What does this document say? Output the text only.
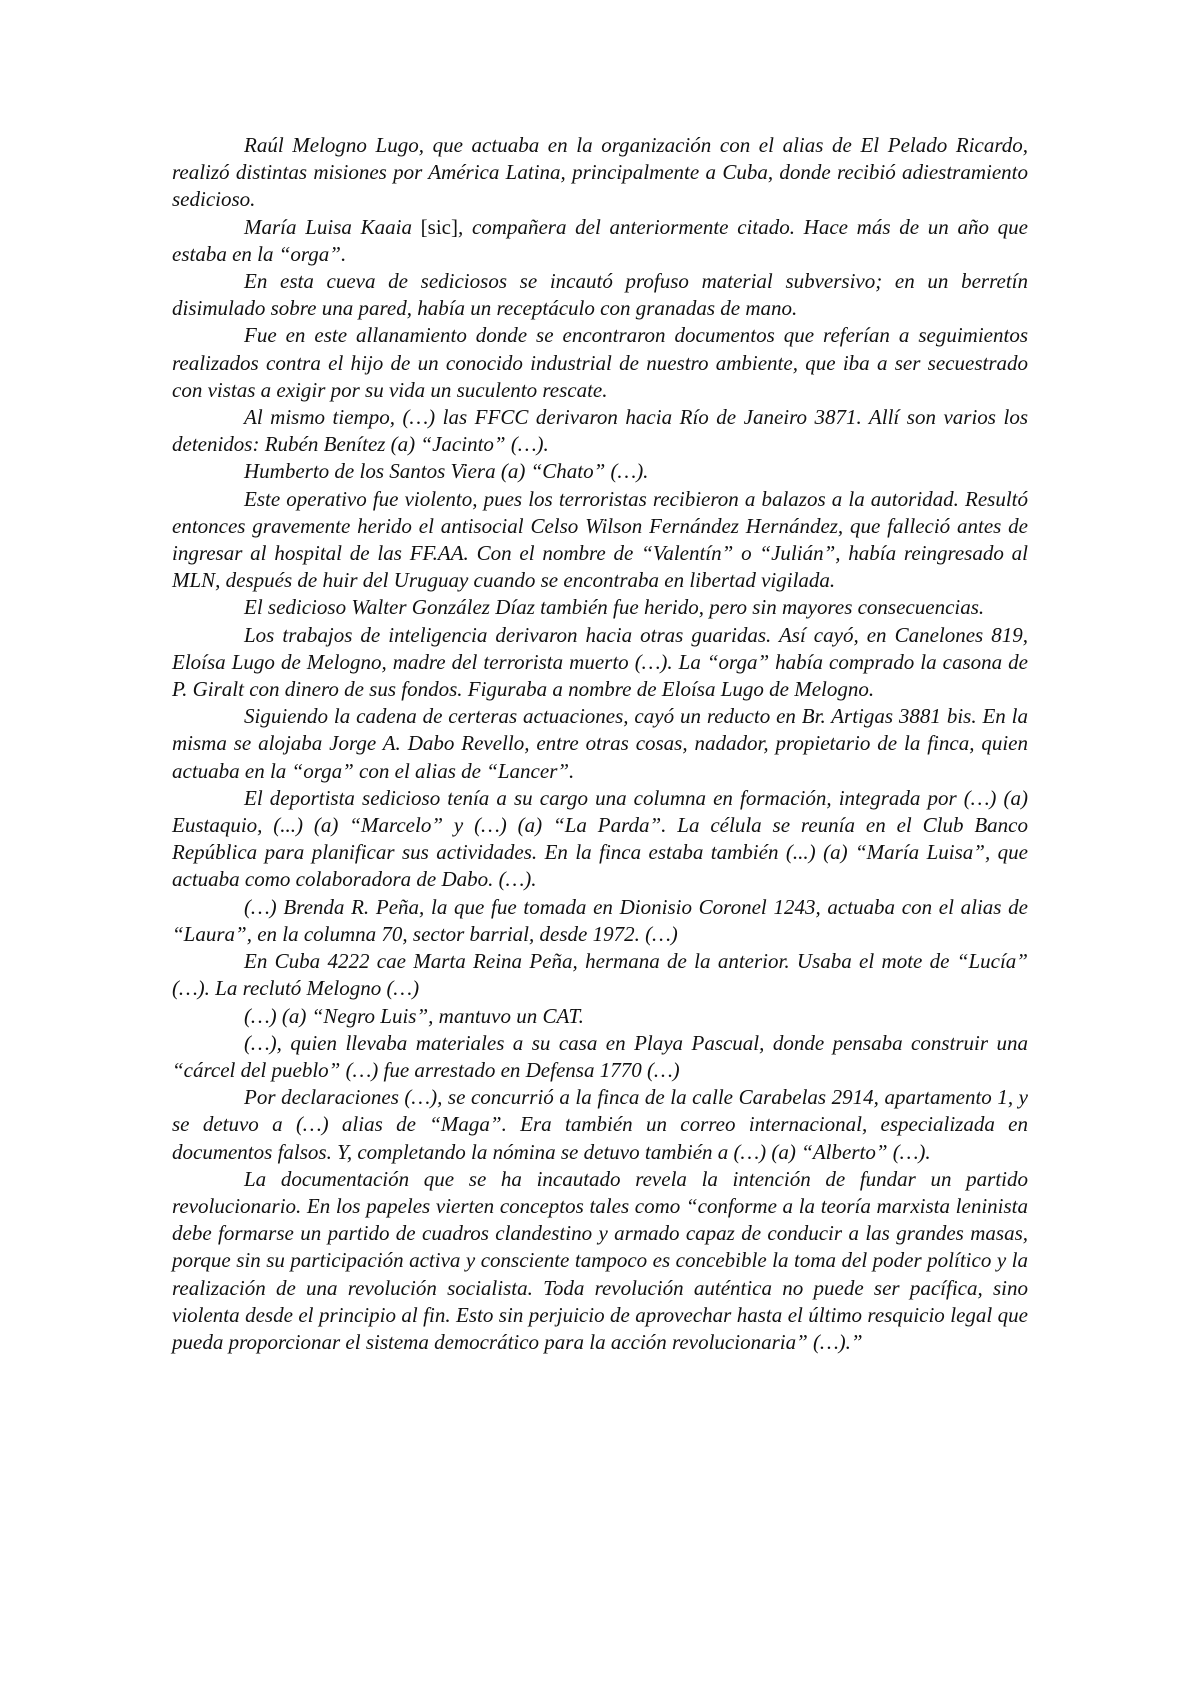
Raúl Melogno Lugo, que actuaba en la organización con el alias de El Pelado Ricardo, realizó distintas misiones por América Latina, principalmente a Cuba, donde recibió adiestramiento sedicioso.

María Luisa Kaaia [sic], compañera del anteriormente citado. Hace más de un año que estaba en la “orga”.

En esta cueva de sediciosos se incautó profuso material subversivo; en un berretín disimulado sobre una pared, había un receptáculo con granadas de mano.

Fue en este allanamiento donde se encontraron documentos que referían a seguimientos realizados contra el hijo de un conocido industrial de nuestro ambiente, que iba a ser secuestrado con vistas a exigir por su vida un suculento rescate.

Al mismo tiempo, (…) las FFCC derivaron hacia Río de Janeiro 3871. Allí son varios los detenidos: Rubén Benítez (a) “Jacinto” (…).

Humberto de los Santos Viera (a) “Chato” (…).

Este operativo fue violento, pues los terroristas recibieron a balazos a la autoridad. Resultó entonces gravemente herido el antisocial Celso Wilson Fernández Hernández, que falleció antes de ingresar al hospital de las FF.AA. Con el nombre de “Valentín” o “Julián”, había reingresado al MLN, después de huir del Uruguay cuando se encontraba en libertad vigilada.

El sedicioso Walter González Díaz también fue herido, pero sin mayores consecuencias.

Los trabajos de inteligencia derivaron hacia otras guaridas. Así cayó, en Canelones 819, Eloísa Lugo de Melogno, madre del terrorista muerto (…). La “orga” había comprado la casona de P. Giralt con dinero de sus fondos. Figuraba a nombre de Eloísa Lugo de Melogno.

Siguiendo la cadena de certeras actuaciones, cayó un reducto en Br. Artigas 3881 bis. En la misma se alojaba Jorge A. Dabo Revello, entre otras cosas, nadador, propietario de la finca, quien actuaba en la “orga” con el alias de “Lancer”.

El deportista sedicioso tenía a su cargo una columna en formación, integrada por (…) (a) Eustaquio, (...) (a) “Marcelo” y (…) (a) “La Parda”. La célula se reunía en el Club Banco República para planificar sus actividades. En la finca estaba también (...) (a) “María Luisa”, que actuaba como colaboradora de Dabo. (…).

(…) Brenda R. Peña, la que fue tomada en Dionisio Coronel 1243, actuaba con el alias de “Laura”, en la columna 70, sector barrial, desde 1972. (…)

En Cuba 4222 cae Marta Reina Peña, hermana de la anterior. Usaba el mote de “Lucía” (…). La reclutó Melogno (…)

(…) (a) “Negro Luis”, mantuvo un CAT.

(…), quien llevaba materiales a su casa en Playa Pascual, donde pensaba construir una “cárcel del pueblo” (…) fue arrestado en Defensa 1770 (…)

Por declaraciones (…), se concurrió a la finca de la calle Carabelas 2914, apartamento 1, y se detuvo a (…) alias de “Maga”. Era también un correo internacional, especializada en documentos falsos. Y, completando la nómina se detuvo también a (…) (a) “Alberto” (…).

La documentación que se ha incautado revela la intención de fundar un partido revolucionario. En los papeles vierten conceptos tales como “conforme a la teoría marxista leninista debe formarse un partido de cuadros clandestino y armado capaz de conducir a las grandes masas, porque sin su participación activa y consciente tampoco es concebible la toma del poder político y la realización de una revolución socialista. Toda revolución auténtica no puede ser pacífica, sino violenta desde el principio al fin. Esto sin perjuicio de aprovechar hasta el último resquicio legal que pueda proporcionar el sistema democrático para la acción revolucionaria” (…).”
